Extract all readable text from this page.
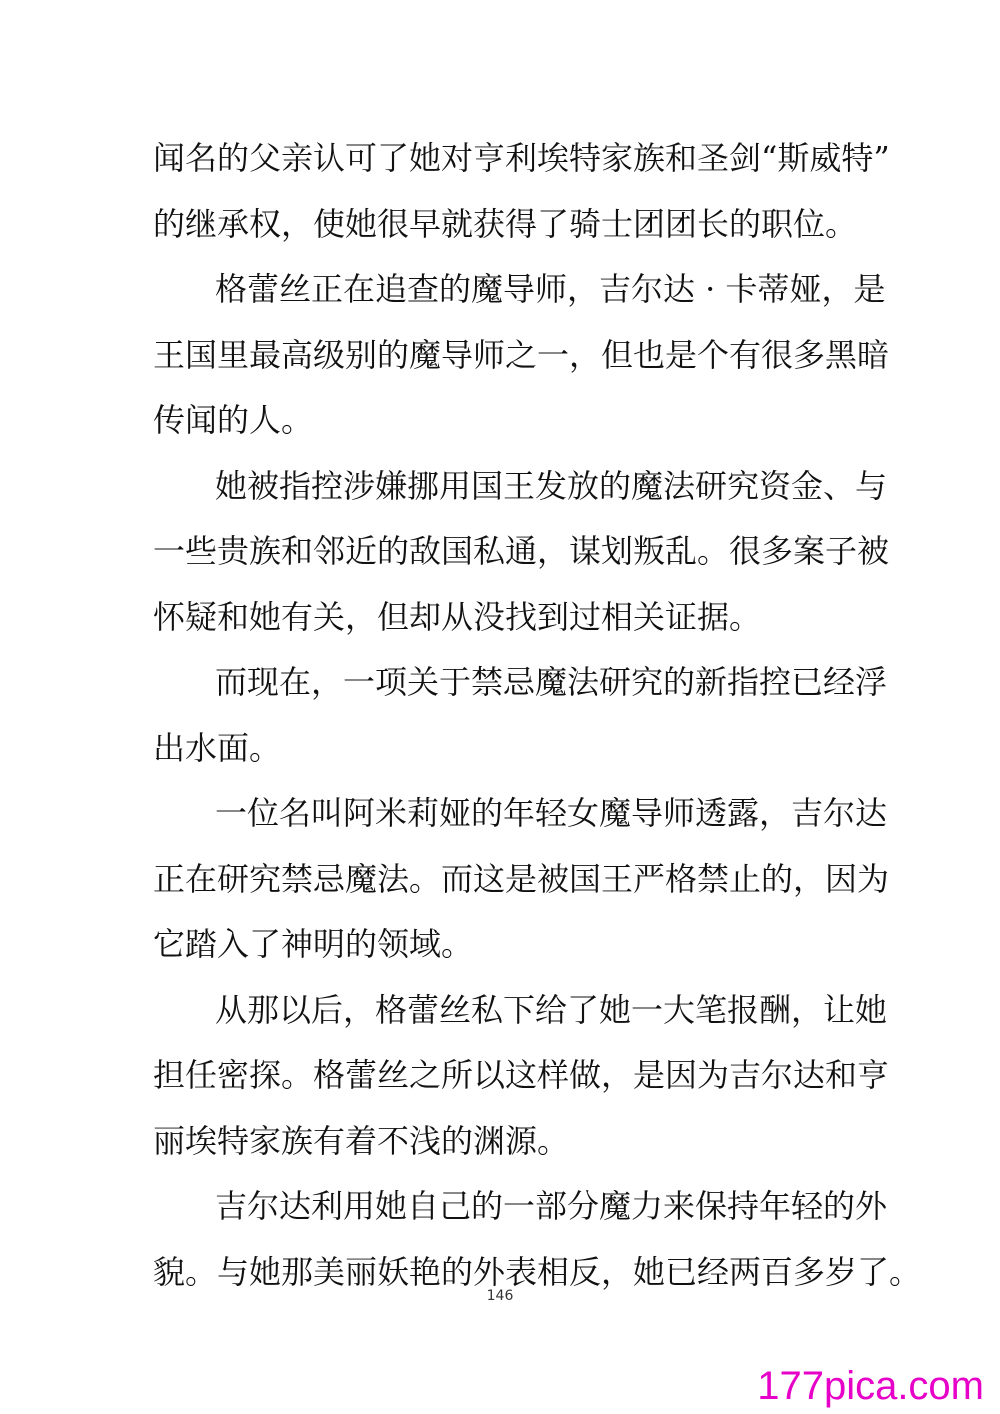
闻名的父亲认可了她对亨利埃特家族和圣剑“斯威特”
的继承权，使她很早就获得了骑士团团长的职位。
格蕾丝正在追查的魔导师，吉尔达 · 卡蒂娅，是
王国里最高级别的魔导师之一，但也是个有很多黑暗
传闻的人。
她被指控涉嫌挪用国王发放的魔法研究资金、与
一些贵族和邻近的敌国私通，谋划叛乱。很多案子被
怀疑和她有关，但却从没找到过相关证据。
而现在，一项关于禁忌魔法研究的新指控已经浮
出水面。
一位名叫阿米莉娅的年轻女魔导师透露，吉尔达
正在研究禁忌魔法。而这是被国王严格禁止的，因为
它踏入了神明的领域。
从那以后，格蕾丝私下给了她一大笔报酬，让她
担任密探。格蕾丝之所以这样做，是因为吉尔达和亨
丽埃特家族有着不浅的渊源。
吉尔达利用她自己的一部分魔力来保持年轻的外
貌。与她那美丽妖艳的外表相反，她已经两百多岁了。
146
177pica.com
